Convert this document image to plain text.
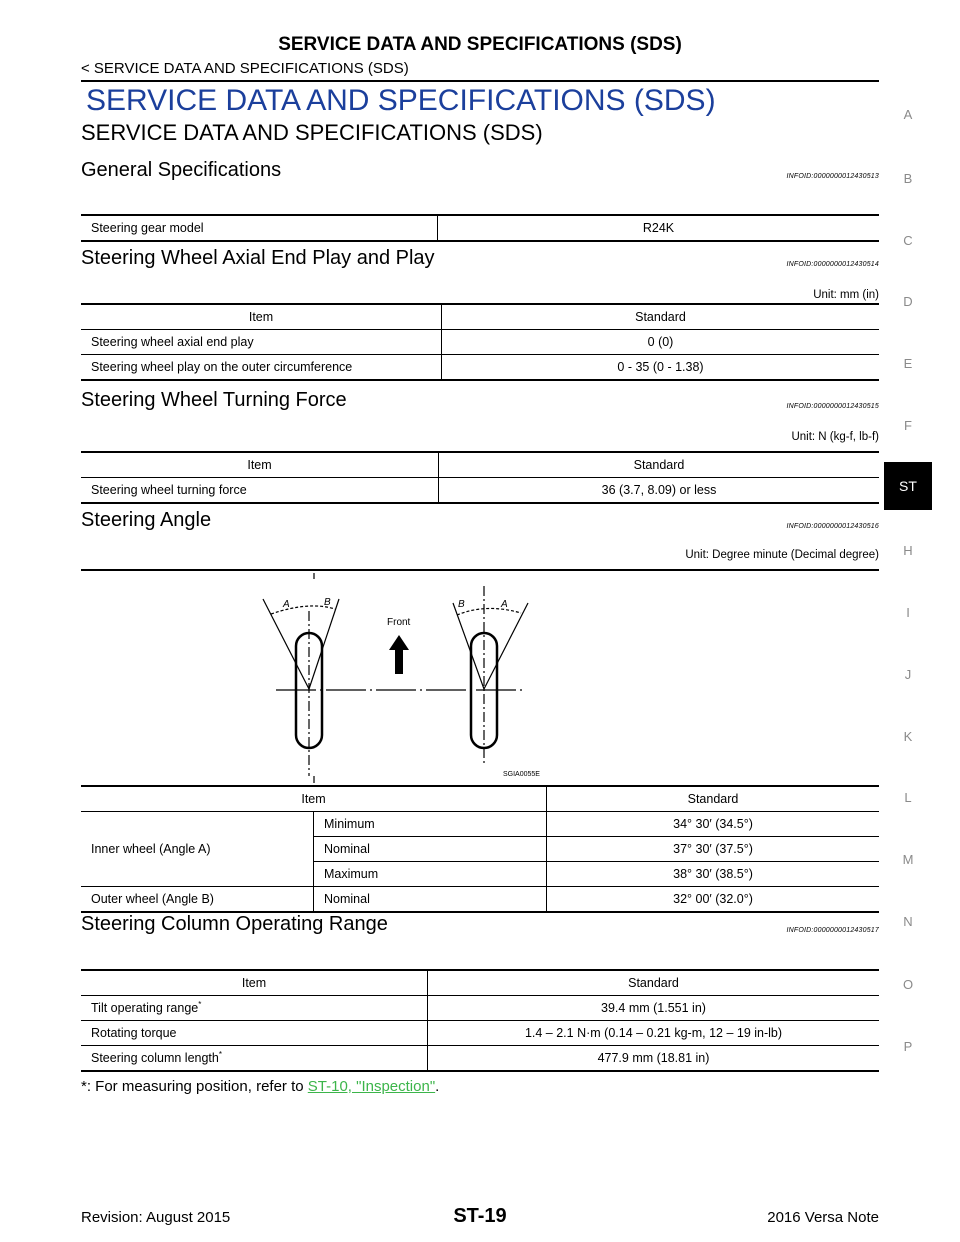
SERVICE DATA AND SPECIFICATIONS (SDS)
< SERVICE DATA AND SPECIFICATIONS (SDS)
SERVICE DATA AND SPECIFICATIONS (SDS)
SERVICE DATA AND SPECIFICATIONS (SDS)
General Specifications	INFOID:0000000012430513
Steering gear model	R24K
Steering Wheel Axial End Play and Play	INFOID:0000000012430514
Unit: mm (in)
Item	Standard
Steering wheel axial end play	0 (0)
Steering wheel play on the outer circumference	0 - 35 (0 - 1.38)
Steering Wheel Turning Force	INFOID:0000000012430515
Unit: N (kg-f, lb-f)
Item	Standard
Steering wheel turning force	36 (3.7, 8.09) or less
Steering Angle	INFOID:0000000012430516
Unit: Degree minute (Decimal degree)
A	B	B	A
Front
SGIA0055E
Item		Standard
Inner wheel (Angle A)	Minimum	34° 30′ (34.5°)
	Nominal	37° 30′ (37.5°)
	Maximum	38° 30′ (38.5°)
Outer wheel (Angle B)	Nominal	32° 00′ (32.0°)
Steering Column Operating Range	INFOID:0000000012430517
Item	Standard
Tilt operating range*	39.4 mm (1.551 in)
Rotating torque	1.4 – 2.1 N·m (0.14 – 0.21 kg-m, 12 – 19 in-lb)
Steering column length*	477.9 mm (18.81 in)
*: For measuring position, refer to ST-10, "Inspection".
A
B
C
D
E
F
ST
H
I
J
K
L
M
N
O
P
Revision: August 2015	ST-19	2016 Versa Note
